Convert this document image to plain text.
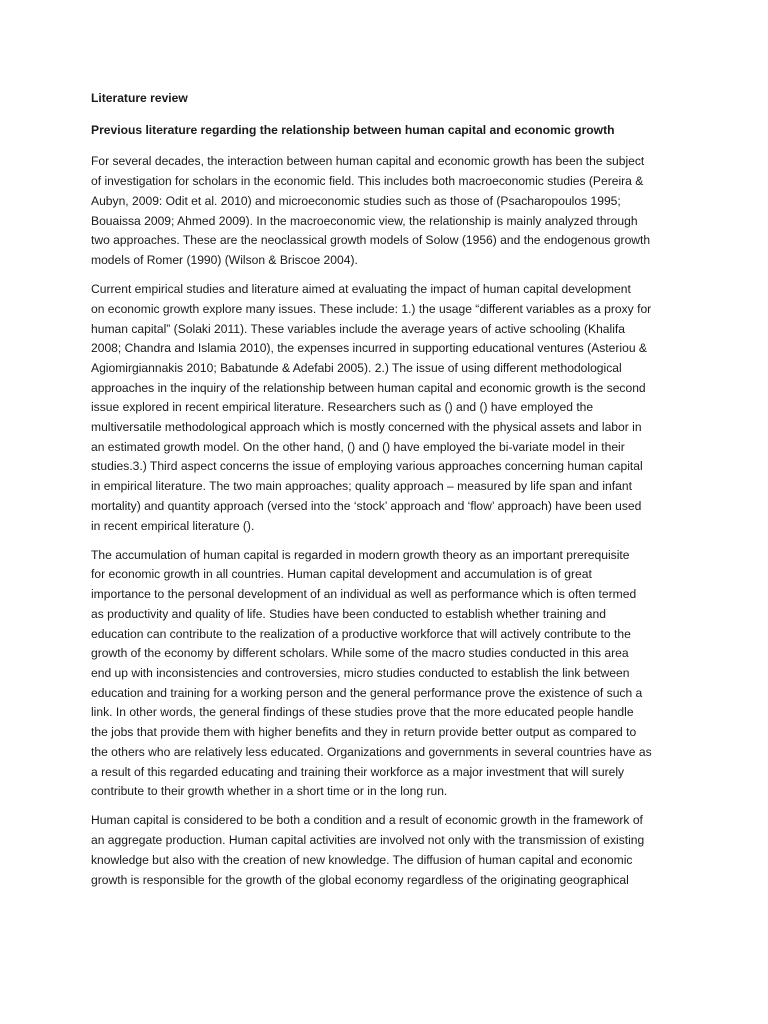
Literature review
Previous literature regarding the relationship between human capital and economic growth
For several decades, the interaction between human capital and economic growth has been the subject
of investigation for scholars in the economic field. This includes both macroeconomic studies (Pereira &
Aubyn, 2009: Odit et al. 2010) and microeconomic studies such as those of (Psacharopoulos 1995;
Bouaissa 2009; Ahmed 2009). In the macroeconomic view, the relationship is mainly analyzed through
two approaches. These are the neoclassical growth models of Solow (1956) and the endogenous growth
models of Romer (1990) (Wilson & Briscoe 2004).
Current empirical studies and literature aimed at evaluating the impact of human capital development
on economic growth explore many issues. These include: 1.) the usage “different variables as a proxy for
human capital” (Solaki 2011). These variables include the average years of active schooling (Khalifa
2008; Chandra and Islamia 2010), the expenses incurred in supporting educational ventures (Asteriou &
Agiomirgiannakis 2010; Babatunde & Adefabi 2005). 2.) The issue of using different methodological
approaches in the inquiry of the relationship between human capital and economic growth is the second
issue explored in recent empirical literature. Researchers such as () and () have employed the
multiversatile methodological approach which is mostly concerned with the physical assets and labor in
an estimated growth model. On the other hand, () and () have employed the bi-variate model in their
studies.3.) Third aspect concerns the issue of employing various approaches concerning human capital
in empirical literature. The two main approaches; quality approach – measured by life span and infant
mortality) and quantity approach (versed into the ‘stock’ approach and ‘flow’ approach) have been used
in recent empirical literature ().
The accumulation of human capital is regarded in modern growth theory as an important prerequisite
for economic growth in all countries. Human capital development and accumulation is of great
importance to the personal development of an individual as well as performance which is often termed
as productivity and quality of life. Studies have been conducted to establish whether training and
education can contribute to the realization of a productive workforce that will actively contribute to the
growth of the economy by different scholars. While some of the macro studies conducted in this area
end up with inconsistencies and controversies, micro studies conducted to establish the link between
education and training for a working person and the general performance prove the existence of such a
link. In other words, the general findings of these studies prove that the more educated people handle
the jobs that provide them with higher benefits and they in return provide better output as compared to
the others who are relatively less educated. Organizations and governments in several countries have as
a result of this regarded educating and training their workforce as a major investment that will surely
contribute to their growth whether in a short time or in the long run.
Human capital is considered to be both a condition and a result of economic growth in the framework of
an aggregate production. Human capital activities are involved not only with the transmission of existing
knowledge but also with the creation of new knowledge. The diffusion of human capital and economic
growth is responsible for the growth of the global economy regardless of the originating geographical
